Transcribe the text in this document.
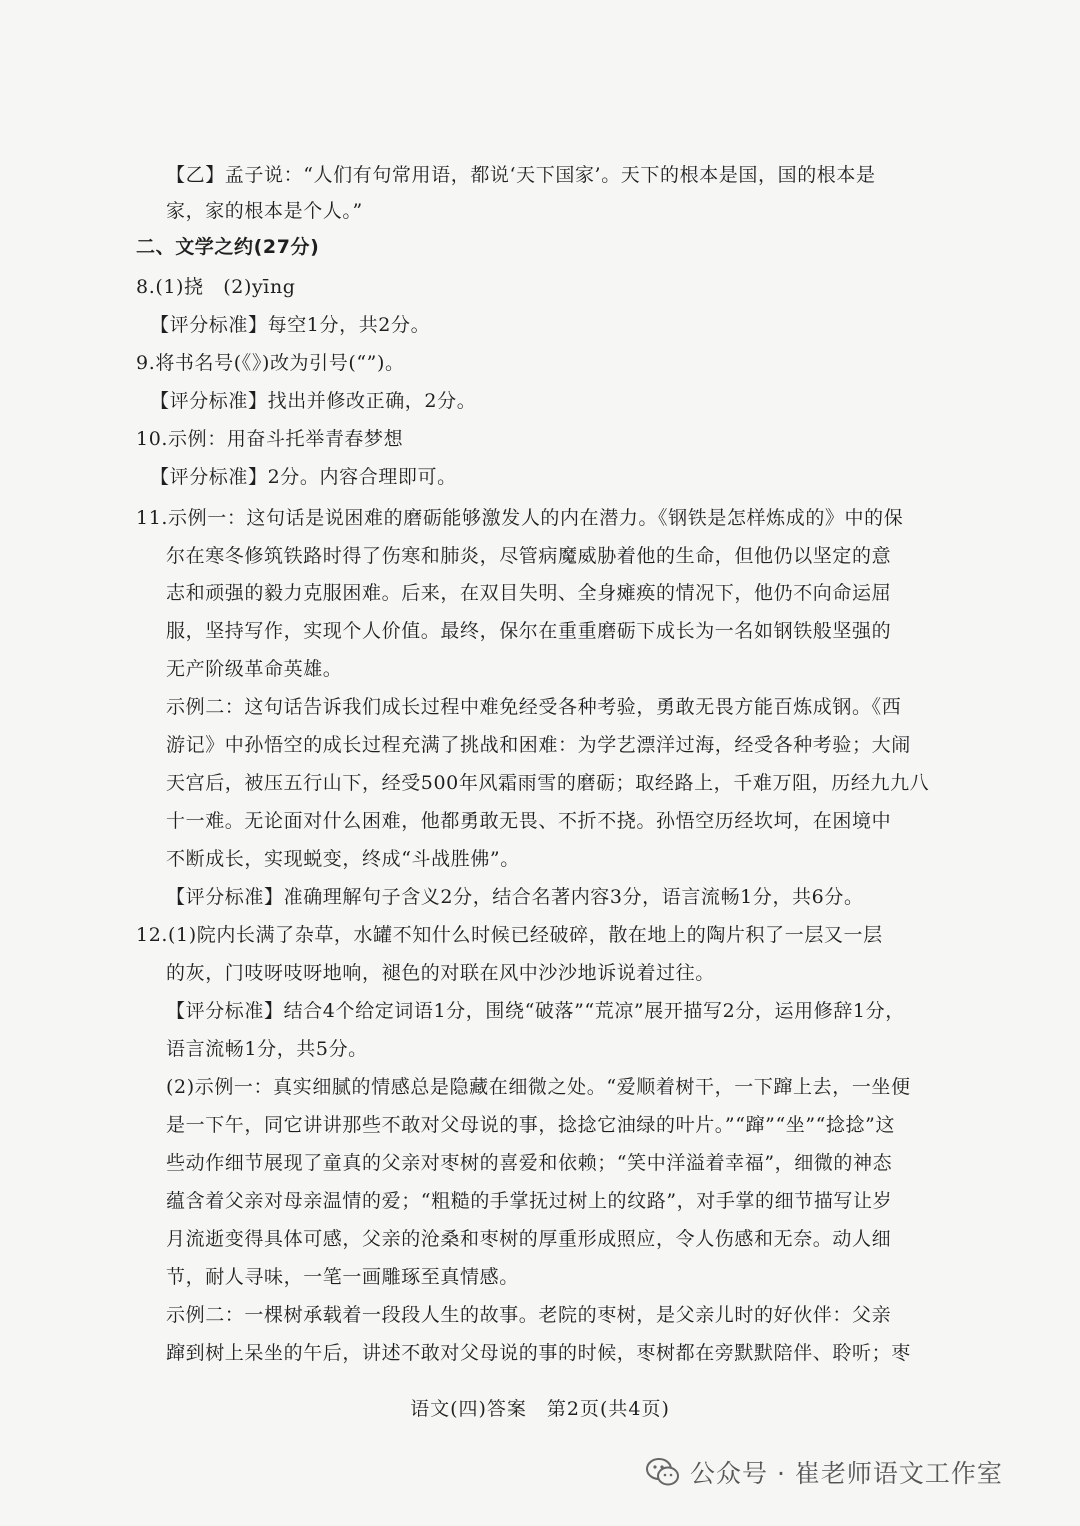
【乙】孟子说：“人们有句常用语，都说‘天下国家’。天下的根本是国，国的根本是
家，家的根本是个人。”
二、文学之约(27分)
8.(1)挠　(2)yīng
【评分标准】每空1分，共2分。
9.将书名号(《》)改为引号(“”)。
【评分标准】找出并修改正确，2分。
10.示例：用奋斗托举青春梦想
【评分标准】2分。内容合理即可。
11.示例一：这句话是说困难的磨砺能够激发人的内在潜力。《钢铁是怎样炼成的》中的保
尔在寒冬修筑铁路时得了伤寒和肺炎，尽管病魔威胁着他的生命，但他仍以坚定的意
志和顽强的毅力克服困难。后来，在双目失明、全身瘫痪的情况下，他仍不向命运屈
服，坚持写作，实现个人价值。最终，保尔在重重磨砺下成长为一名如钢铁般坚强的
无产阶级革命英雄。
示例二：这句话告诉我们成长过程中难免经受各种考验，勇敢无畏方能百炼成钢。《西
游记》中孙悟空的成长过程充满了挑战和困难：为学艺漂洋过海，经受各种考验；大闹
天宫后，被压五行山下，经受500年风霜雨雪的磨砺；取经路上，千难万阻，历经九九八
十一难。无论面对什么困难，他都勇敢无畏、不折不挠。孙悟空历经坎坷，在困境中
不断成长，实现蜕变，终成“斗战胜佛”。
【评分标准】准确理解句子含义2分，结合名著内容3分，语言流畅1分，共6分。
12.(1)院内长满了杂草，水罐不知什么时候已经破碎，散在地上的陶片积了一层又一层
的灰，门吱呀吱呀地响，褪色的对联在风中沙沙地诉说着过往。
【评分标准】结合4个给定词语1分，围绕“破落”“荒凉”展开描写2分，运用修辞1分，
语言流畅1分，共5分。
(2)示例一：真实细腻的情感总是隐藏在细微之处。“爱顺着树干，一下蹿上去，一坐便
是一下午，同它讲讲那些不敢对父母说的事，捻捻它油绿的叶片。”“蹿”“坐”“捻捻”这
些动作细节展现了童真的父亲对枣树的喜爱和依赖；“笑中洋溢着幸福”，细微的神态
蕴含着父亲对母亲温情的爱；“粗糙的手掌抚过树上的纹路”，对手掌的细节描写让岁
月流逝变得具体可感，父亲的沧桑和枣树的厚重形成照应，令人伤感和无奈。动人细
节，耐人寻味，一笔一画雕琢至真情感。
示例二：一棵树承载着一段段人生的故事。老院的枣树，是父亲儿时的好伙伴：父亲
蹿到树上呆坐的午后，讲述不敢对父母说的事的时候，枣树都在旁默默陪伴、聆听；枣
语文(四)答案　第2页(共4页)
公众号 · 崔老师语文工作室
